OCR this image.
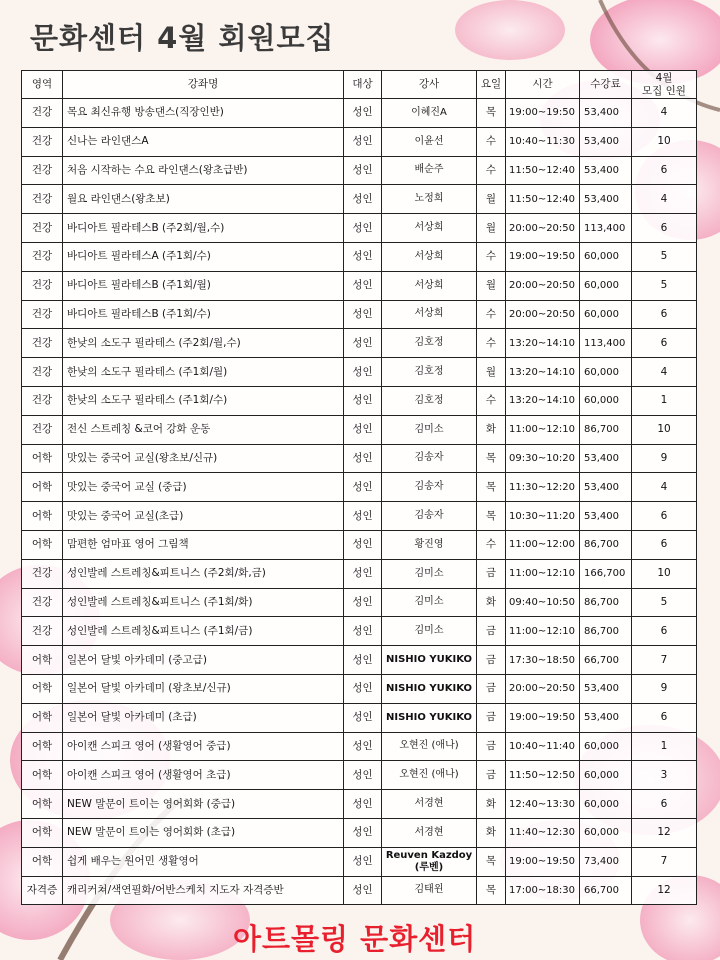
문화센터 4월 회원모집
영역	강좌명	대상	강사	요일	시간	수강료	4월
모집 인원
건강	목요 최신유행 방송댄스(직장인반)	성인	이혜진A	목	19:00~19:50	53,400	4
건강	신나는 라인댄스A	성인	이윤선	수	10:40~11:30	53,400	10
건강	처음 시작하는 수요 라인댄스(왕초급반)	성인	배순주	수	11:50~12:40	53,400	6
건강	월요 라인댄스(왕초보)	성인	노정희	월	11:50~12:40	53,400	4
건강	바디아트 필라테스B (주2회/월,수)	성인	서상희	월	20:00~20:50	113,400	6
건강	바디아트 필라테스A (주1회/수)	성인	서상희	수	19:00~19:50	60,000	5
건강	바디아트 필라테스B (주1회/월)	성인	서상희	월	20:00~20:50	60,000	5
건강	바디아트 필라테스B (주1회/수)	성인	서상희	수	20:00~20:50	60,000	6
건강	한낮의 소도구 필라테스 (주2회/월,수)	성인	김호정	수	13:20~14:10	113,400	6
건강	한낮의 소도구 필라테스 (주1회/월)	성인	김호정	월	13:20~14:10	60,000	4
건강	한낮의 소도구 필라테스 (주1회/수)	성인	김호정	수	13:20~14:10	60,000	1
건강	전신 스트레칭 &코어 강화 운동	성인	김미소	화	11:00~12:10	86,700	10
어학	맛있는 중국어 교실(왕초보/신규)	성인	김송자	목	09:30~10:20	53,400	9
어학	맛있는 중국어 교실 (중급)	성인	김송자	목	11:30~12:20	53,400	4
어학	맛있는 중국어 교실(초급)	성인	김송자	목	10:30~11:20	53,400	6
어학	맘편한 엄마표 영어 그림책	성인	황진영	수	11:00~12:00	86,700	6
건강	성인발레 스트레칭&피트니스 (주2회/화,금)	성인	김미소	금	11:00~12:10	166,700	10
건강	성인발레 스트레칭&피트니스 (주1회/화)	성인	김미소	화	09:40~10:50	86,700	5
건강	성인발레 스트레칭&피트니스 (주1회/금)	성인	김미소	금	11:00~12:10	86,700	6
어학	일본어 달빛 아카데미 (중고급)	성인	NISHIO YUKIKO	금	17:30~18:50	66,700	7
어학	일본어 달빛 아카데미 (왕초보/신규)	성인	NISHIO YUKIKO	금	20:00~20:50	53,400	9
어학	일본어 달빛 아카데미 (초급)	성인	NISHIO YUKIKO	금	19:00~19:50	53,400	6
어학	아이캔 스피크 영어 (생활영어 중급)	성인	오현진 (애나)	금	10:40~11:40	60,000	1
어학	아이캔 스피크 영어 (생활영어 초급)	성인	오현진 (애나)	금	11:50~12:50	60,000	3
어학	NEW 말문이 트이는 영어회화 (중급)	성인	서경현	화	12:40~13:30	60,000	6
어학	NEW 말문이 트이는 영어회화 (초급)	성인	서경현	화	11:40~12:30	60,000	12
어학	쉽게 배우는 원어민 생활영어	성인	Reuven Kazdoy (루벤)	목	19:00~19:50	73,400	7
자격증	캐리커쳐/색연필화/어반스케치 지도자 자격증반	성인	김태윈	목	17:00~18:30	66,700	12
아트몰링 문화센터
